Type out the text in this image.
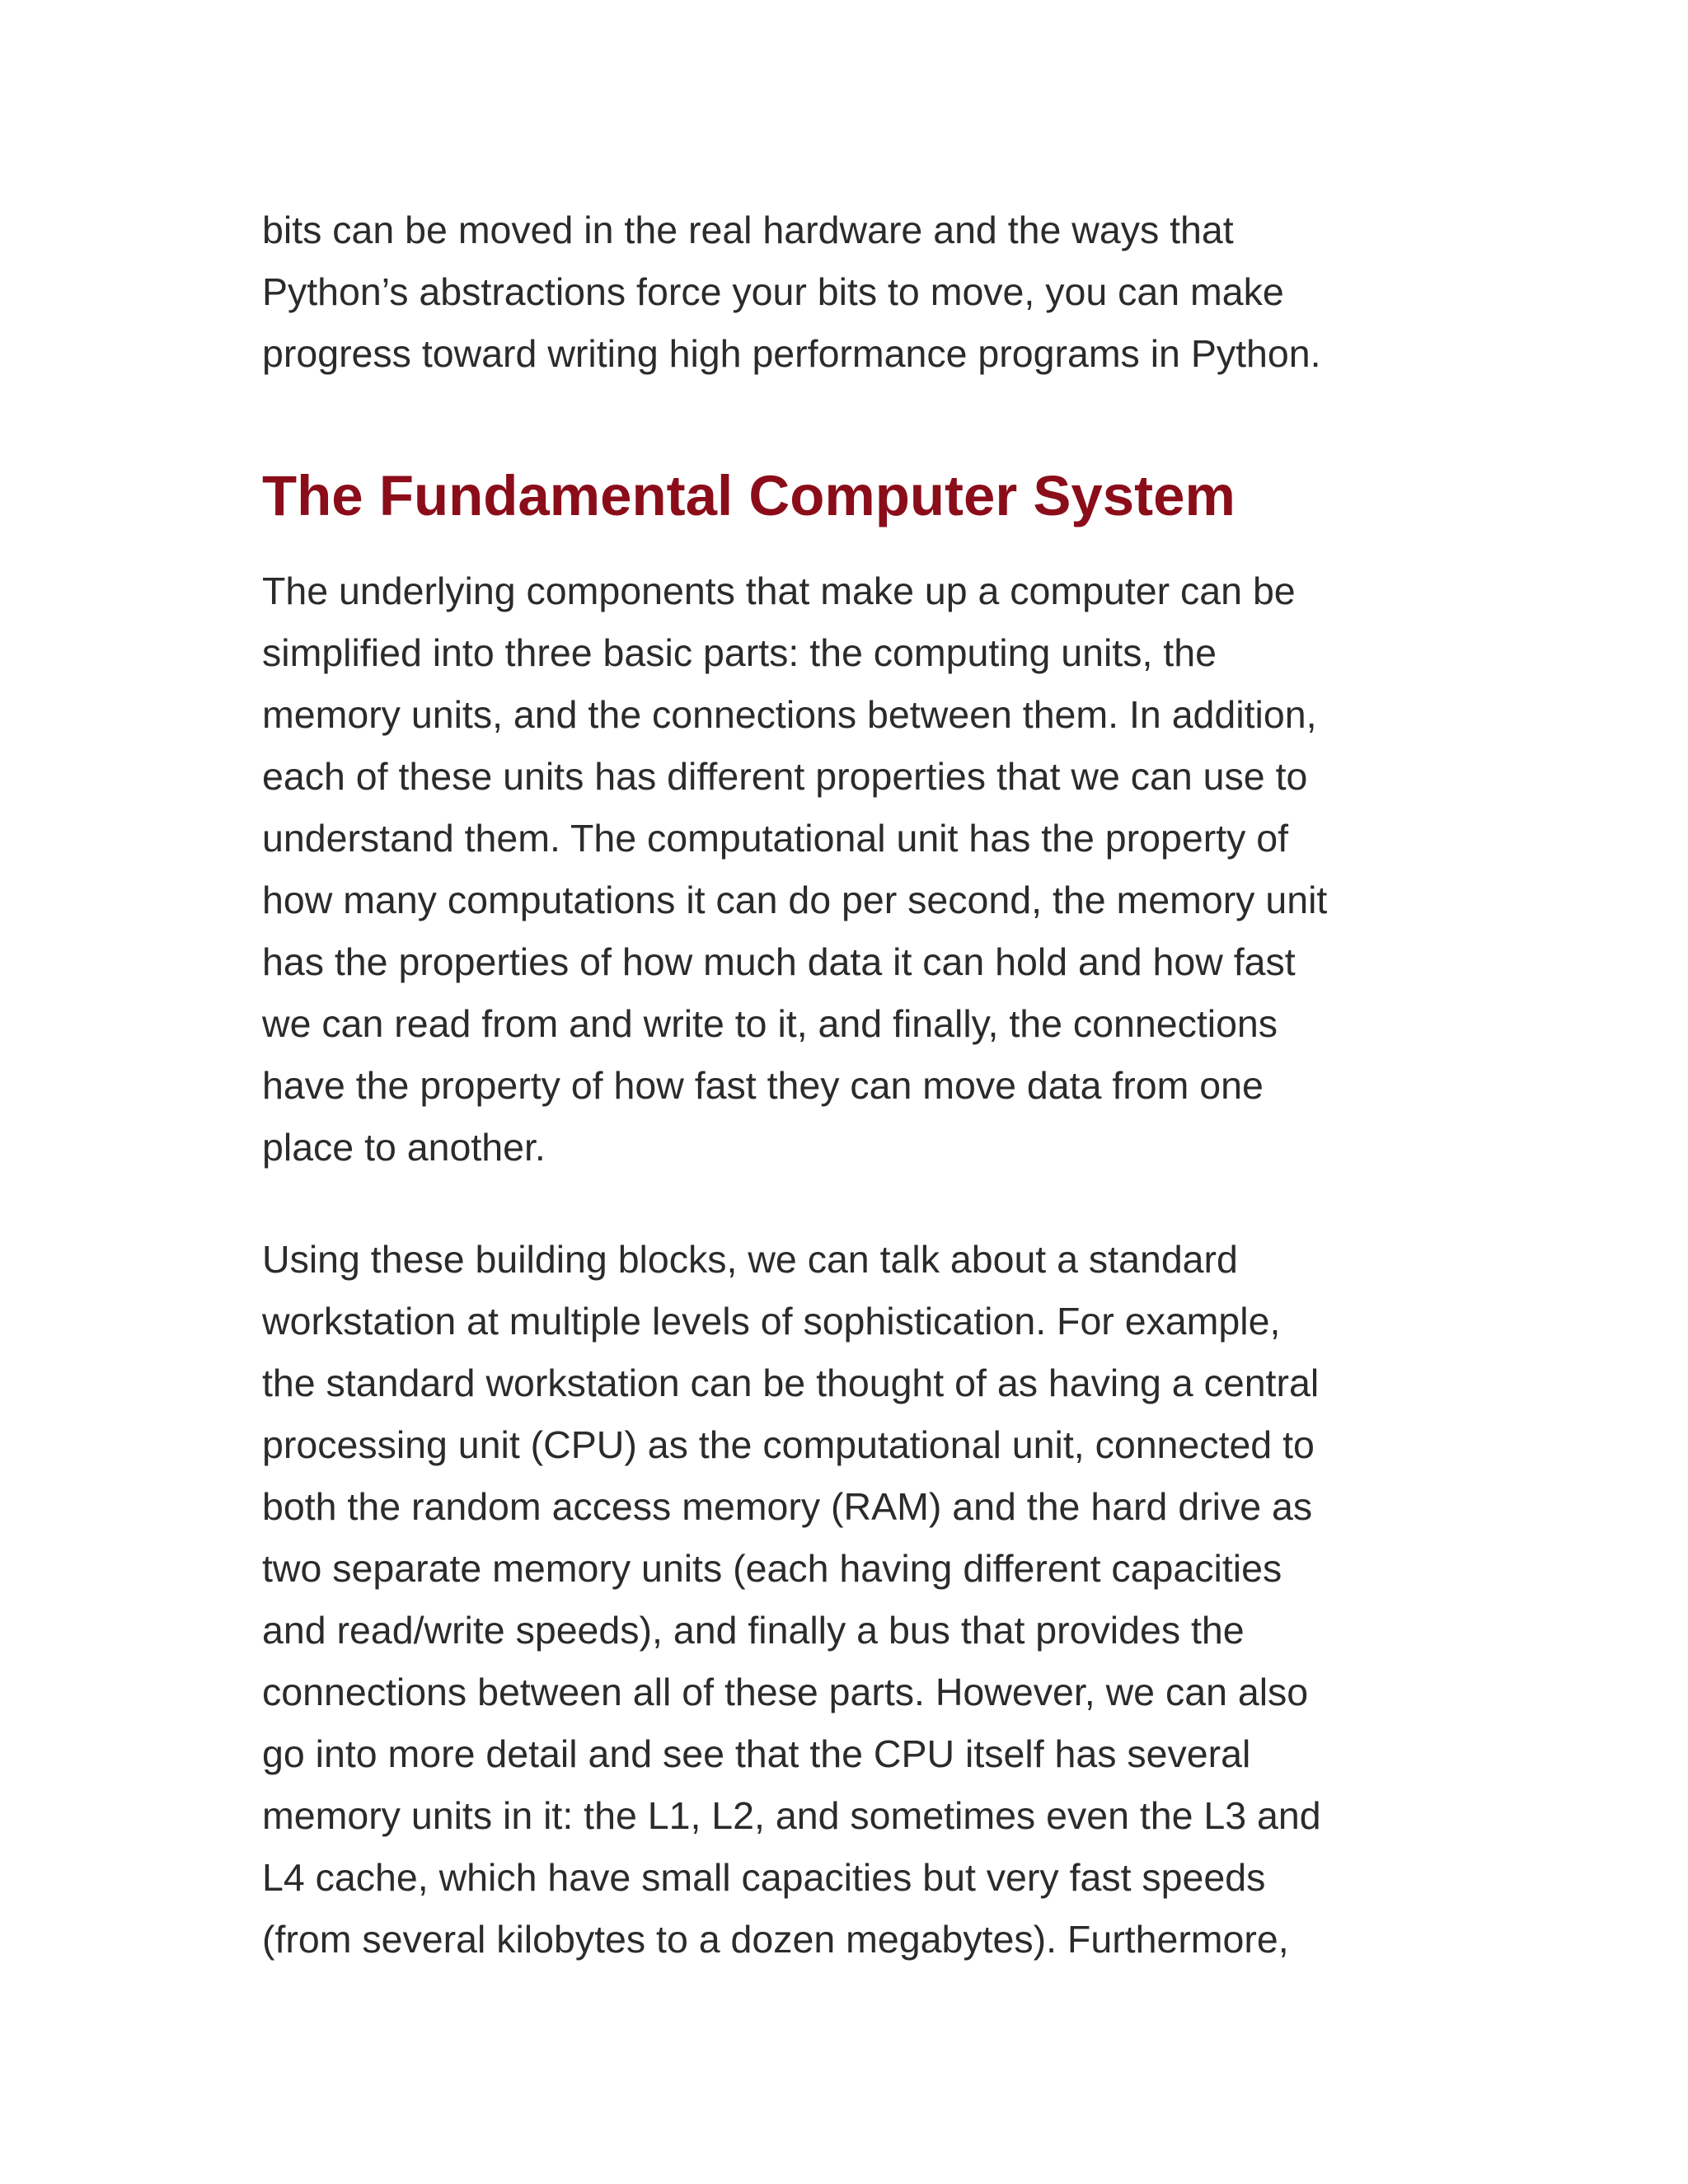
bits can be moved in the real hardware and the ways that
Python’s abstractions force your bits to move, you can make
progress toward writing high performance programs in Python.
The Fundamental Computer System
The underlying components that make up a computer can be
simplified into three basic parts: the computing units, the
memory units, and the connections between them. In addition,
each of these units has different properties that we can use to
understand them. The computational unit has the property of
how many computations it can do per second, the memory unit
has the properties of how much data it can hold and how fast
we can read from and write to it, and finally, the connections
have the property of how fast they can move data from one
place to another.
Using these building blocks, we can talk about a standard
workstation at multiple levels of sophistication. For example,
the standard workstation can be thought of as having a central
processing unit (CPU) as the computational unit, connected to
both the random access memory (RAM) and the hard drive as
two separate memory units (each having different capacities
and read/write speeds), and finally a bus that provides the
connections between all of these parts. However, we can also
go into more detail and see that the CPU itself has several
memory units in it: the L1, L2, and sometimes even the L3 and
L4 cache, which have small capacities but very fast speeds
(from several kilobytes to a dozen megabytes). Furthermore,
